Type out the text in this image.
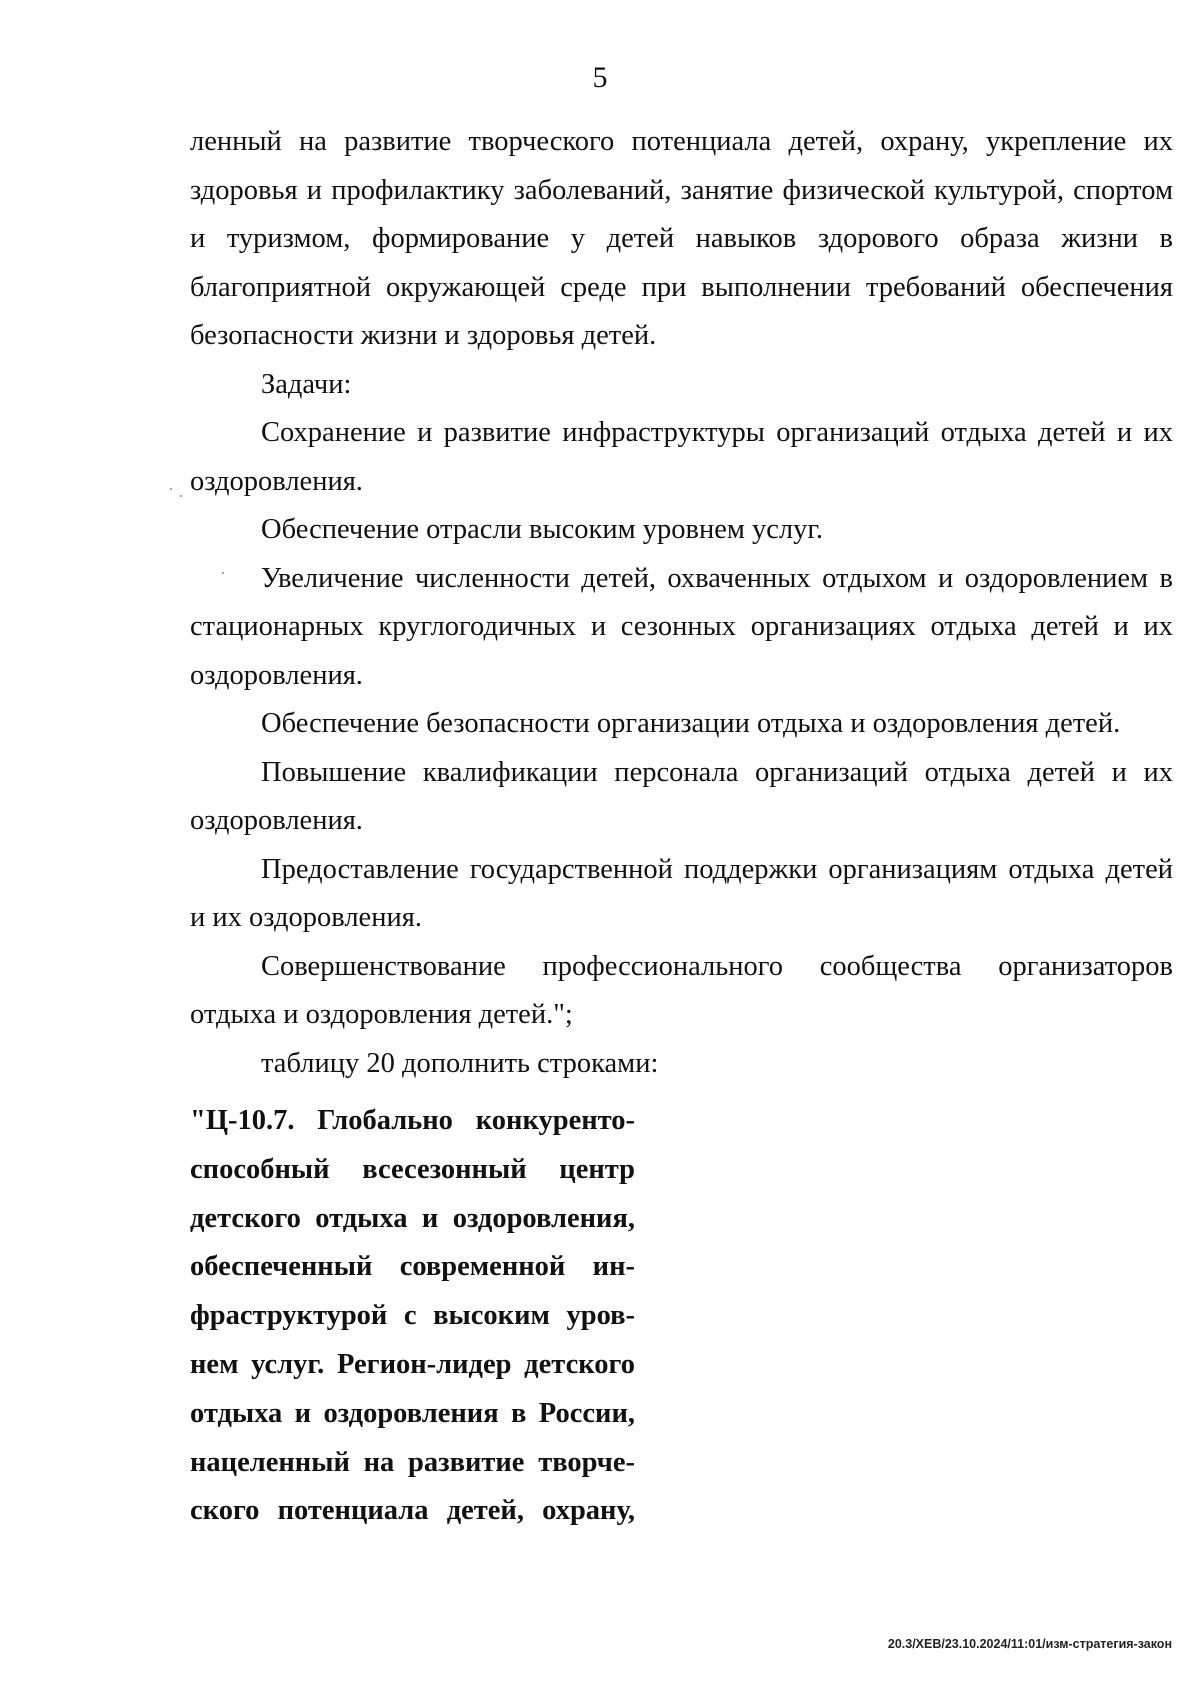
5

ленный на развитие творческого потенциала детей, охрану, укрепление их здоровья и профилактику заболеваний, занятие физической культурой, спортом и туризмом, формирование у детей навыков здорового образа жизни в благоприятной окружающей среде при выполнении требований обеспечения безопасности жизни и здоровья детей.

Задачи:

Сохранение и развитие инфраструктуры организаций отдыха детей и их оздоровления.

Обеспечение отрасли высоким уровнем услуг.

Увеличение численности детей, охваченных отдыхом и оздоровлением в стационарных круглогодичных и сезонных организациях отдыха детей и их оздоровления.

Обеспечение безопасности организации отдыха и оздоровления детей.

Повышение квалификации персонала организаций отдыха детей и их оздоровления.

Предоставление государственной поддержки организациям отдыха детей и их оздоровления.

Совершенствование профессионального сообщества организаторов отдыха и оздоровления детей.";

таблицу 20 дополнить строками:

"Ц-10.7. Глобально конкуренто-
способный всесезонный центр
детского отдыха и оздоровления,
обеспеченный современной ин-
фраструктурой с высоким уров-
нем услуг. Регион-лидер детского
отдыха и оздоровления в России,
нацеленный на развитие творче-
ского потенциала детей, охрану,
20.3/ХЕВ/23.10.2024/11:01/изм-стратегия-закон
